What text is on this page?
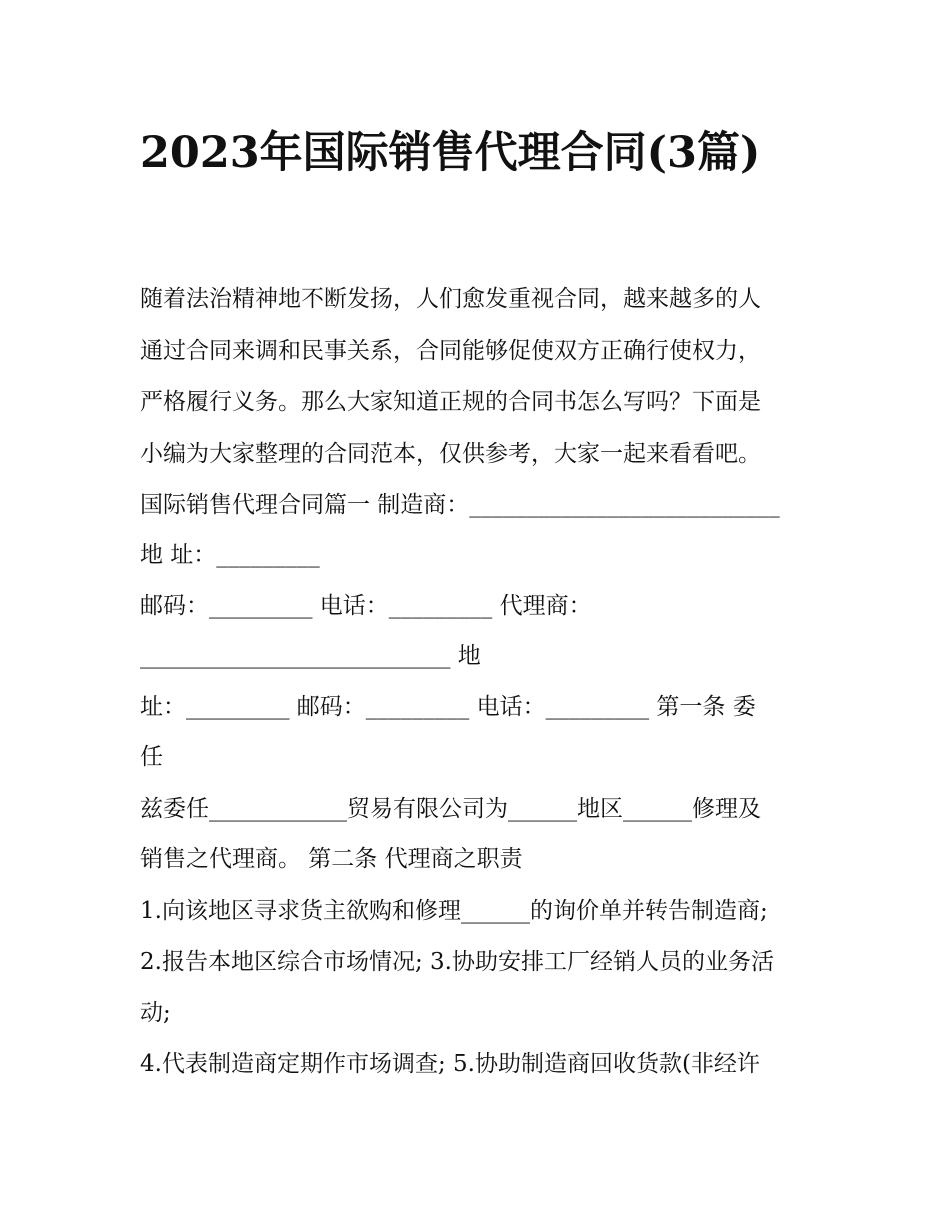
2023年国际销售代理合同(3篇)

随着法治精神地不断发扬，人们愈发重视合同，越来越多的人

通过合同来调和民事关系，合同能够促使双方正确行使权力，

严格履行义务。那么大家知道正规的合同书怎么写吗？下面是

小编为大家整理的合同范本，仅供参考，大家一起来看看吧。

国际销售代理合同篇一 制造商：___________________________

地 址：_________

邮码：_________ 电话：_________ 代理商：

___________________________ 地

址：_________ 邮码：_________ 电话：_________ 第一条 委

任

兹委任____________贸易有限公司为______地区______修理及

销售之代理商。 第二条 代理商之职责

1.向该地区寻求货主欲购和修理______的询价单并转告制造商;

2.报告本地区综合市场情况; 3.协助安排工厂经销人员的业务活

动;

4.代表制造商定期作市场调查; 5.协助制造商回收货款(非经许
